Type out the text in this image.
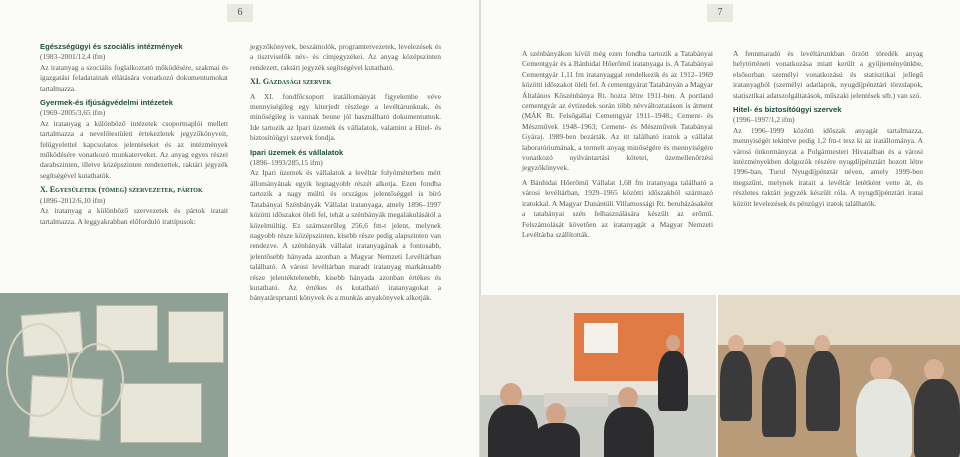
6

Egészségügyi és szociális intézmények
(1983–2001/12,4 ifm)
Az iratanyag a szociális foglalkoztató működésére, szakmai és igazgatási feladatainak ellátására vonatkozó dokumentumokat tartalmazza.

Gyermek-és ifjúságvédelmi intézetek
(1969–2005/3,65 ifm)
Az iratanyag a különböző intézetek csoportnaplói mellett tartalmazza a nevelőtestületi értekezletek jegyzőkönyveit, felügyelettel kapcsolatos jelentéseket és az intézmények működésére vonatkozó munkaterveket. Az anyag egyes részei darabszinten, illetve középszinten rendezettek, raktári jegyzék segítségével kutathatók.

X. Egyesületek (tömeg) szervezetek, pártok
(1896–2012/6,10 ifm)
Az iratanyag a különböző szervezetek és pártok iratait tartalmazza. A leggyakrabban előforduló irattípusok:

jegyzőkönyvek, beszámolók, programtervezetek, levelezések és a tisztviselők név- és címjegyzékei. Az anyag középszinten rendezett, raktári jegyzék segítségével kutatható.

XI. Gazdasági szervek

A XI. fondfőcsoport iratállományát figyelembe véve mennyiségileg egy kiterjedt részlege a levéltárunknak, és minőségileg is vannak benne jól használható dokumentumok. Ide tartozik az Ipari üzemek és vállalatok, valamint a Hitel- és biztosítóügyi szervek fondja.

Ipari üzemek és vállalatok
(1896–1993/285,15 ifm)
Az Ipari üzemek és vállalatok a levéltár folyóméterben mért állományának egyik legnagyobb részét alkotja. Ezen fondba tartozik a nagy múltú és országos jelentőséggel is bíró Tatabányai Szénbányák Vállalat iratanyaga, amely 1896–1997 közötti időszakot öleli fel, tehát a szénbányák megalakulásától a közelmúltig. Ez számszerűleg 256,6 fm-t jelent, melynek nagyobb része középszinten, kisebb része pedig alapszinten van rendezve. A szénbányák vállalat iratanyagának a fontosabb, jelentősebb hányada azonban a Magyar Nemzeti Levéltárban található. A városi levéltárban maradt iratanyag markánsabb része jelentéktelenebb, kisebb hányada azonban értékes és kutatható. Az értékes és kutatható iratanyagokat a bányatársprtanti könyvek és a munkás anyakönyvek alkotják.

7

A szénbányákon kívül még ezen fondba tartozik a Tatabányai Cementgyár és a Bánhidai Hőerőmű iratanyaga is. A Tatabányai Cementgyár 1,11 fm iratanyaggal rendelkezik és az 1912–1969 közötti időszakot öleli fel. A cementgyárat Tatabányán a Magyar Általános Kőszénbánya Rt. hozta létre 1911-ben. A portland cementgyár az évtizedek során több névváltoztatáson is átment (MÁK Rt. Felsőgallai Cementgyár 1911–1948.; Cement- és Mészművek 1948–1963; Cement- és Mészművek Tatabányai Gyára). 1989-ben bezárták. Az itt található iratok a vállalat laboratóriumának, a termelt anyag minőségére és mennyiségére vonatkozó nyilvántartási kötetei, üzemellenőrzési jegyzőkönyvek.

A Bánhidai Hőerőmű Vállalat 1,68 fm iratanyaga található a városi levéltárban, 1929–1965 közötti időszakból származó iratokkal. A Magyar Dunántúli Villamossági Rt. beruházásaként a tatabányai szén felhasználására készült az erőmű. Felszámolását követően az iratanyagát a Magyar Nemzeti Levéltárba szállították.

A fennmaradó és levéltárunkban őrzött töredék anyag helytörténeti vonatkozása miatt került a gyűjteményünkbe, elsősorban személyi vonatkozású és statisztikai jellegű iratanyagból (személyi adatlapok, nyugdíjpénztári törzslapok, statisztikai adatszolgáltatások, műszaki jelentések stb.) van szó.

Hitel- és biztosítóügyi szervek
(1996–1997/1,2 ifm)
Az 1996–1999 közötti időszak anyagát tartalmazza, mennyiségét tekintve pedig 1,2 fm-t tesz ki az iratállománya. A városi önkormányzat a Polgármesteri Hivatalban és a városi intézményekben dolgozók részére nyugdíjpénztárt hozott létre 1996-ban, Turul Nyugdíjpénztár néven, amely 1999-ben megszűnt, melynek iratait a levéltár letétként vette át, és részletes raktári jegyzék készült róla. A nyugdíjpénztári iratai között levelezések és pénzügyi iratok találhatók.
